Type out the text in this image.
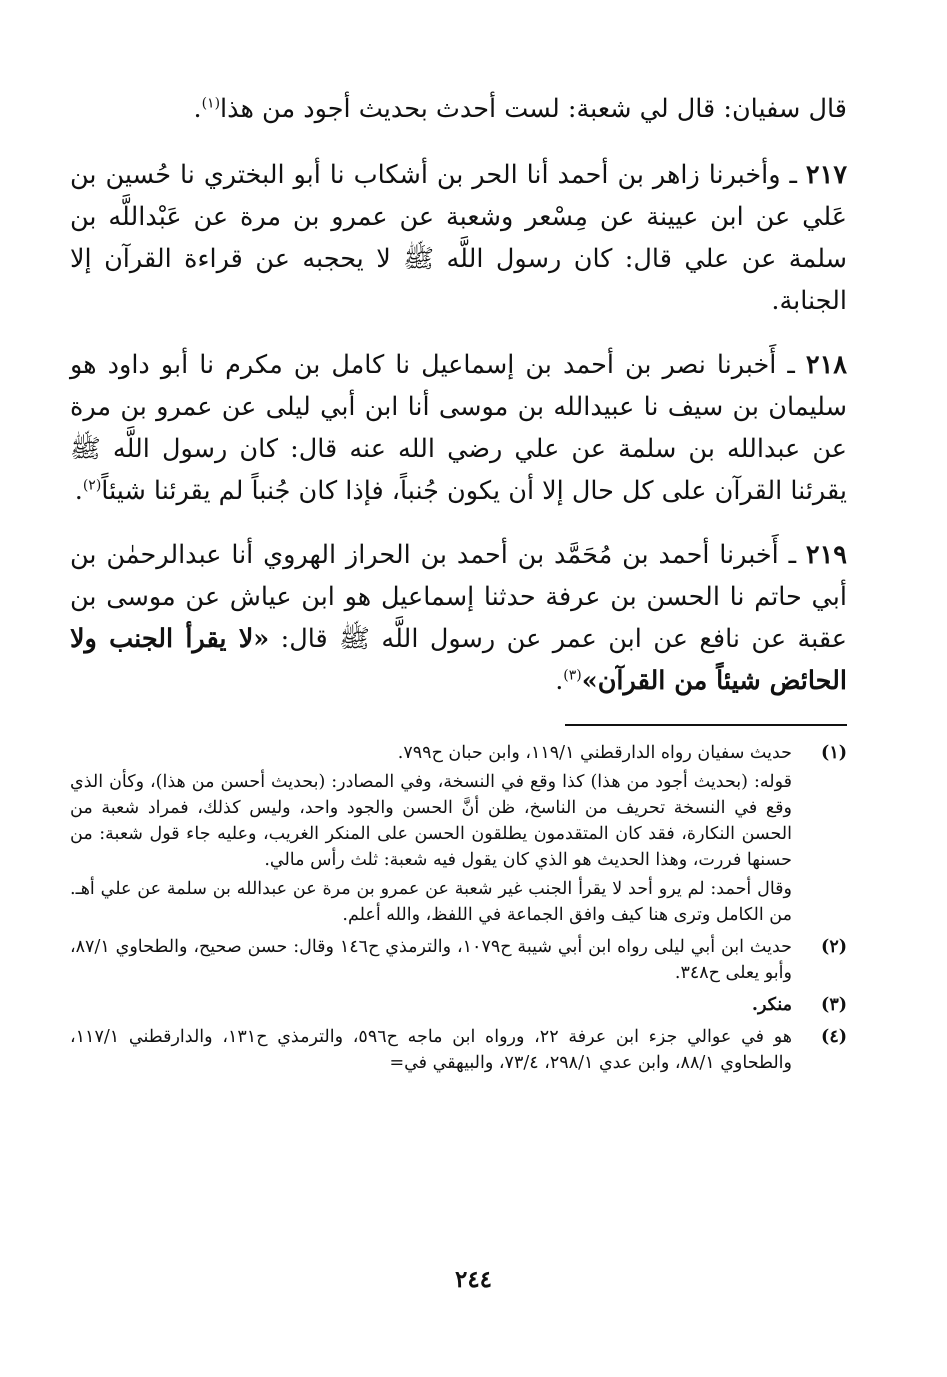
قال سفيان: قال لي شعبة: لست أحدث بحديث أجود من هذا$^{(١)}$.

٢١٧ ـ وأخبرنا زاهر بن أحمد أنا الحر بن أشكاب نا أبو البختري نا حُسين بن عَلي عن ابن عيينة عن مِسْعر وشعبة عن عمرو بن مرة عن عَبْداللَّه بن سلمة عن علي قال: كان رسول اللَّه ﷺ لا يحجبه عن قراءة القرآن إلا الجنابة.

٢١٨ ـ أَخبرنا نصر بن أحمد بن إسماعيل نا كامل بن مكرم نا أبو داود هو سليمان بن سيف نا عبيدالله بن موسى أنا ابن أبي ليلى عن عمرو بن مرة عن عبدالله بن سلمة عن علي رضي الله عنه قال: كان رسول اللَّه ﷺ يقرئنا القرآن على كل حال إلا أن يكون جُنباً، فإذا كان جُنباً لم يقرئنا شيئاً$^{(٢)}$.

٢١٩ ـ أَخبرنا أحمد بن مُحَمَّد بن أحمد بن الحراز الهروي أنا عبدالرحمٰن بن أبي حاتم نا الحسن بن عرفة حدثنا إسماعيل هو ابن عياش عن موسى بن عقبة عن نافع عن ابن عمر عن رسول اللَّه ﷺ قال: «لا يقرأ الجنب ولا الحائض شيئاً من القرآن»$^{(٣)}$.

(١)
حديث سفيان رواه الدارقطني ١١٩/١، وابن حبان ح٧٩٩.
قوله: (بحديث أجود من هذا) كذا وقع في النسخة، وفي المصادر: (بحديث أحسن من هذا)، وكأن الذي وقع في النسخة تحريف من الناسخ، ظن أنَّ الحسن والجود واحد، وليس كذلك، فمراد شعبة من الحسن النكارة، فقد كان المتقدمون يطلقون الحسن على المنكر الغريب، وعليه جاء قول شعبة: من حسنها فررت، وهذا الحديث هو الذي كان يقول فيه شعبة: ثلث رأس مالي.
وقال أحمد: لم يرو أحد لا يقرأ الجنب غير شعبة عن عمرو بن مرة عن عبدالله بن سلمة عن علي أهـ. من الكامل وترى هنا كيف وافق الجماعة في اللفظ، والله أعلم.
(٢)
حديث ابن أبي ليلى رواه ابن أبي شيبة ح١٠٧٩، والترمذي ح١٤٦ وقال: حسن صحيح، والطحاوي ٨٧/١، وأبو يعلى ح٣٤٨.
(٣)
منكر.
(٤)
هو في عوالي جزء ابن عرفة ٢٢، ورواه ابن ماجه ح٥٩٦، والترمذي ح١٣١، والدارقطني ١١٧/١، والطحاوي ٨٨/١، وابن عدي ٢٩٨/١، ٧٣/٤، والبيهقي في=
٢٤٤
